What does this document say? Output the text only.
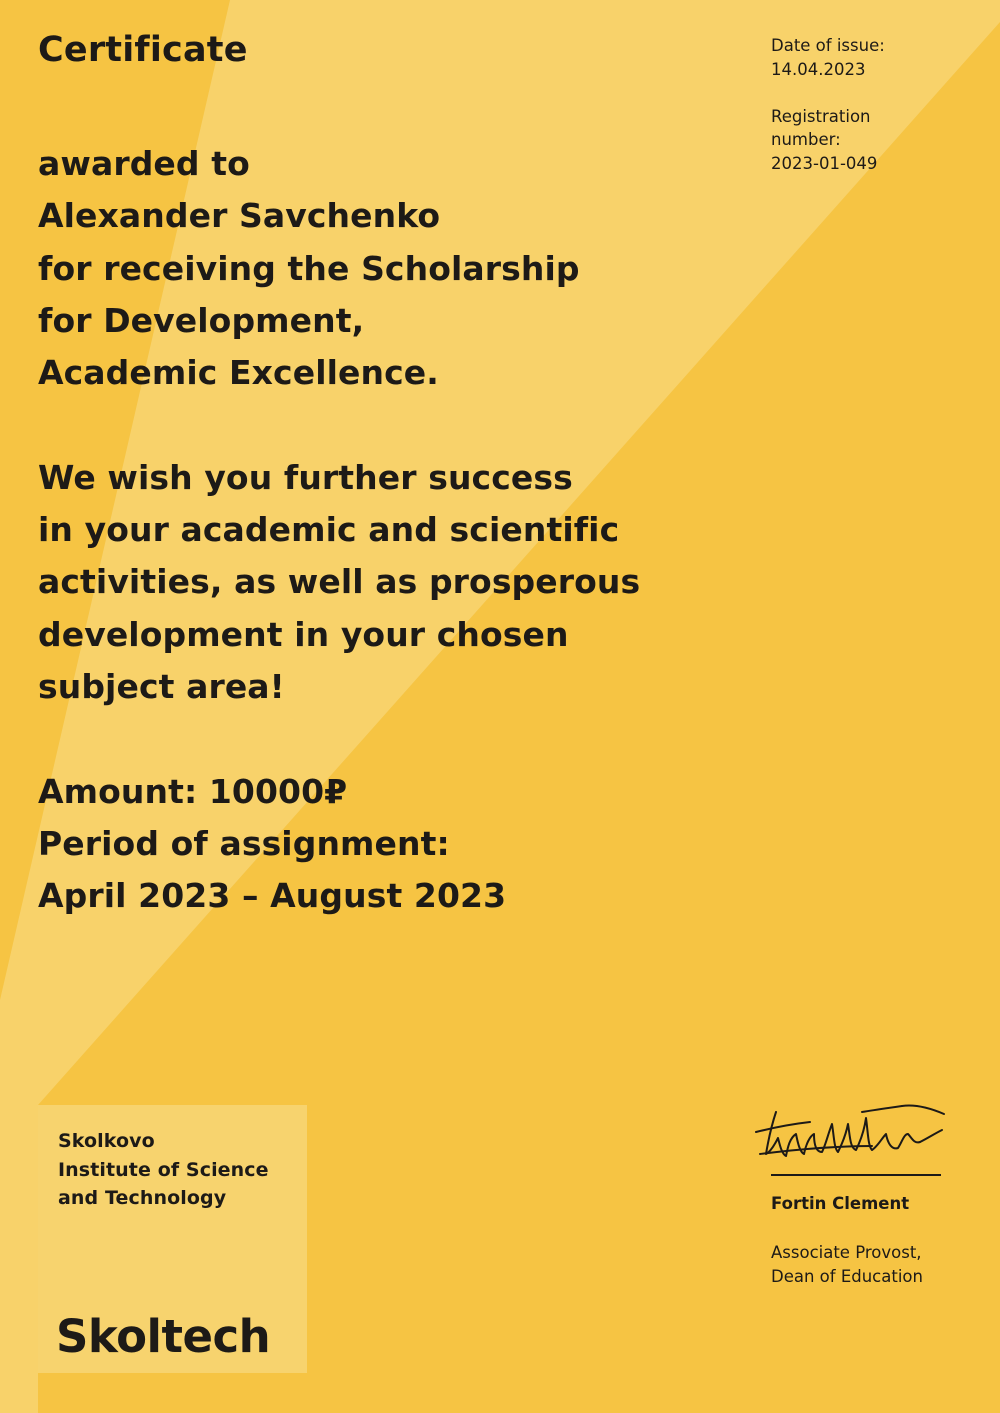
Certificate
awarded to
Alexander Savchenko
for receiving the Scholarship
for Development,
Academic Excellence.
We wish you further success
in your academic and scientific
activities, as well as prosperous
development in your chosen
subject area!
Amount: 10000₽
Period of assignment:
April 2023 – August 2023
Date of issue:
14.04.2023
Registration
number:
2023-01-049
Skolkovo
Institute of Science
and Technology
Skoltech
Fortin Clement
Associate Provost,
Dean of Education
